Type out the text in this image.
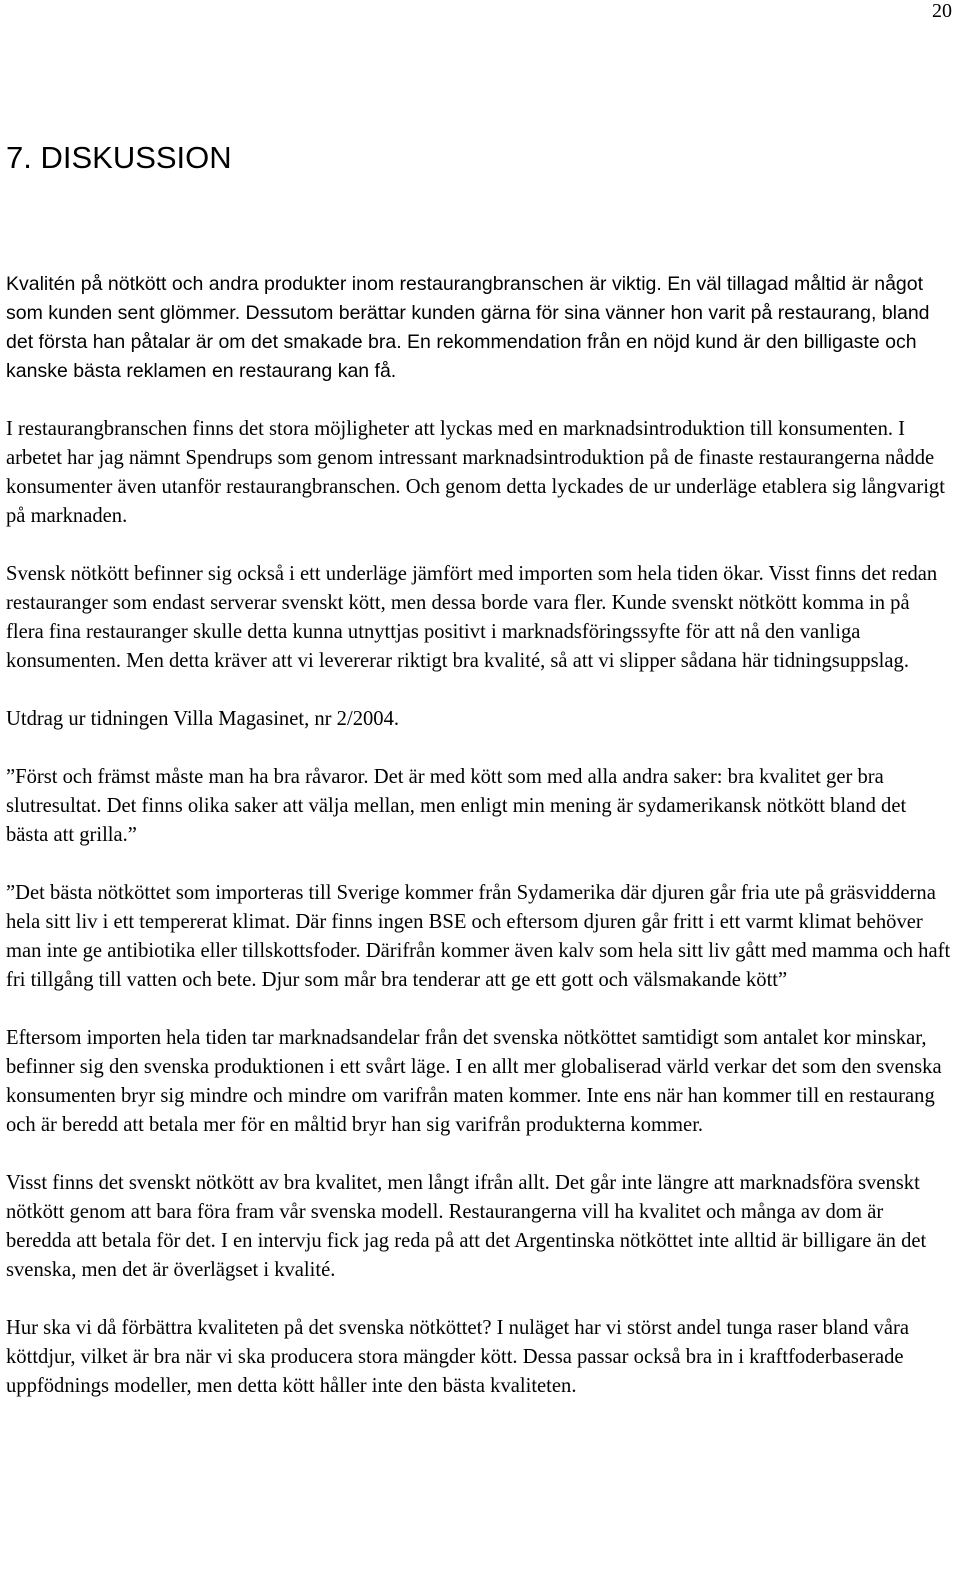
20
7. DISKUSSION

Kvalitén på nötkött och andra produkter inom restaurangbranschen är viktig. En väl tillagad måltid är något som kunden sent glömmer. Dessutom berättar kunden gärna för sina vänner hon varit på restaurang, bland det första han påtalar är om det smakade bra. En rekommendation från en nöjd kund är den billigaste och kanske bästa reklamen en restaurang kan få.

I restaurangbranschen finns det stora möjligheter att lyckas med en marknadsintroduktion till konsumenten. I arbetet har jag nämnt Spendrups som genom intressant marknadsintroduktion på de finaste restaurangerna nådde konsumenter även utanför restaurangbranschen. Och genom detta lyckades de ur underläge etablera sig långvarigt på marknaden.

Svensk nötkött befinner sig också i ett underläge jämfört med importen som hela tiden ökar. Visst finns det redan restauranger som endast serverar svenskt kött, men dessa borde vara fler. Kunde svenskt nötkött komma in på flera fina restauranger skulle detta kunna utnyttjas positivt i marknadsföringssyfte för att nå den vanliga konsumenten. Men detta kräver att vi levererar riktigt bra kvalité, så att vi slipper sådana här tidningsuppslag.

Utdrag ur tidningen Villa Magasinet, nr 2/2004.

”Först och främst måste man ha bra råvaror. Det är med kött som med alla andra saker: bra kvalitet ger bra slutresultat. Det finns olika saker att välja mellan, men enligt min mening är sydamerikansk nötkött bland det bästa att grilla.”

”Det bästa nötköttet som importeras till Sverige kommer från Sydamerika där djuren går fria ute på gräsvidderna hela sitt liv i ett tempererat klimat. Där finns ingen BSE och eftersom djuren går fritt i ett varmt klimat behöver man inte ge antibiotika eller tillskottsfoder. Därifrån kommer även kalv som hela sitt liv gått med mamma och haft fri tillgång till vatten och bete. Djur som mår bra tenderar att ge ett gott och välsmakande kött”

Eftersom importen hela tiden tar marknadsandelar från det svenska nötköttet samtidigt som antalet kor minskar, befinner sig den svenska produktionen i ett svårt läge. I en allt mer globaliserad värld verkar det som den svenska konsumenten bryr sig mindre och mindre om varifrån maten kommer. Inte ens när han kommer till en restaurang och är beredd att betala mer för en måltid bryr han sig varifrån produkterna kommer.

Visst finns det svenskt nötkött av bra kvalitet, men långt ifrån allt. Det går inte längre att marknadsföra svenskt nötkött genom att bara föra fram vår svenska modell. Restaurangerna vill ha kvalitet och många av dom är beredda att betala för det. I en intervju fick jag reda på att det Argentinska nötköttet inte alltid är billigare än det svenska, men det är överlägset i kvalité.

Hur ska vi då förbättra kvaliteten på det svenska nötköttet? I nuläget har vi störst andel tunga raser bland våra köttdjur, vilket är bra när vi ska producera stora mängder kött. Dessa passar också bra in i kraftfoderbaserade uppfödnings modeller, men detta kött håller inte den bästa kvaliteten.
